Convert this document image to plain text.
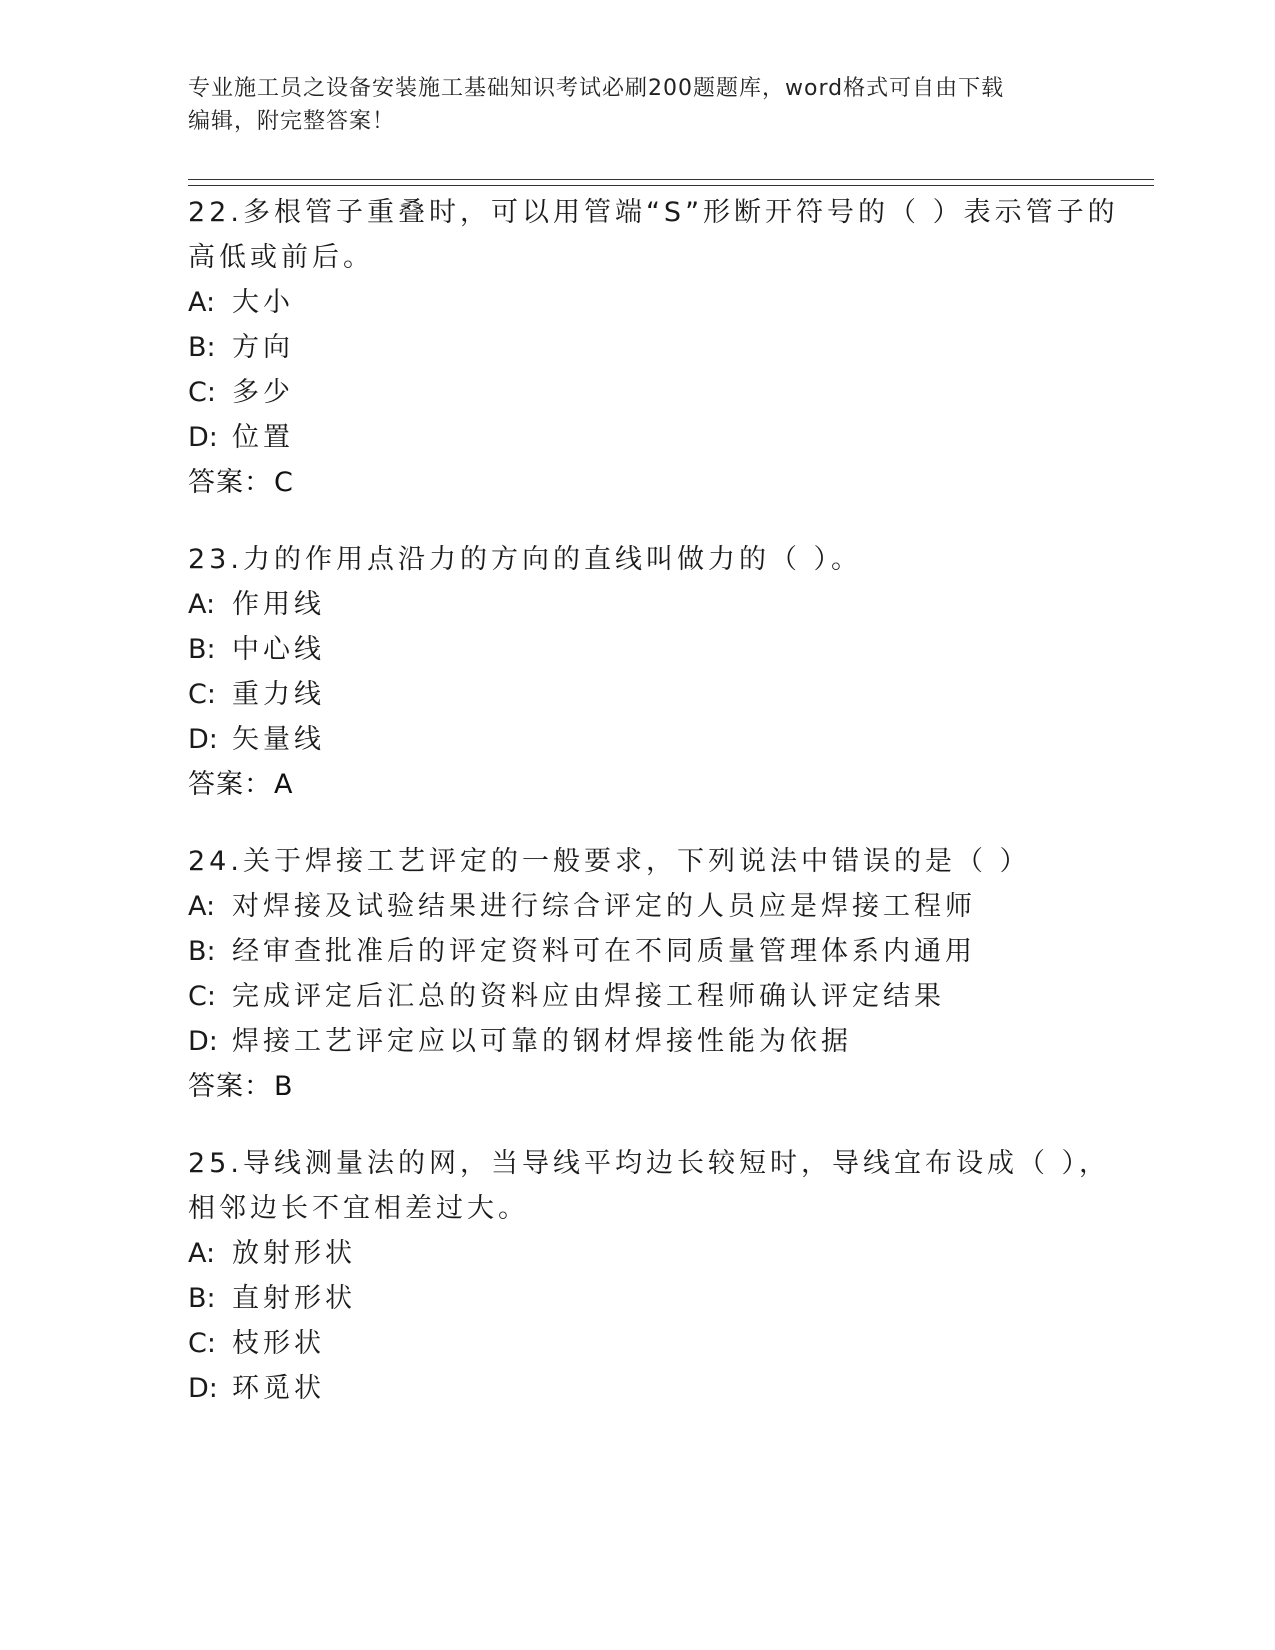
专业施工员之设备安装施工基础知识考试必刷200题题库，word格式可自由下载
编辑，附完整答案！

22.多根管子重叠时，可以用管端“S”形断开符号的（ ）表示管子的
高低或前后。

A: 大小

B: 方向

C: 多少

D: 位置

答案：C

23.力的作用点沿力的方向的直线叫做力的（ ）。

A: 作用线

B: 中心线

C: 重力线

D: 矢量线

答案：A

24.关于焊接工艺评定的一般要求，下列说法中错误的是（ ）

A: 对焊接及试验结果进行综合评定的人员应是焊接工程师

B: 经审查批准后的评定资料可在不同质量管理体系内通用

C: 完成评定后汇总的资料应由焊接工程师确认评定结果

D: 焊接工艺评定应以可靠的钢材焊接性能为依据

答案：B

25.导线测量法的网，当导线平均边长较短时，导线宜布设成（ ），
相邻边长不宜相差过大。

A: 放射形状

B: 直射形状

C: 枝形状

D: 环觅状
